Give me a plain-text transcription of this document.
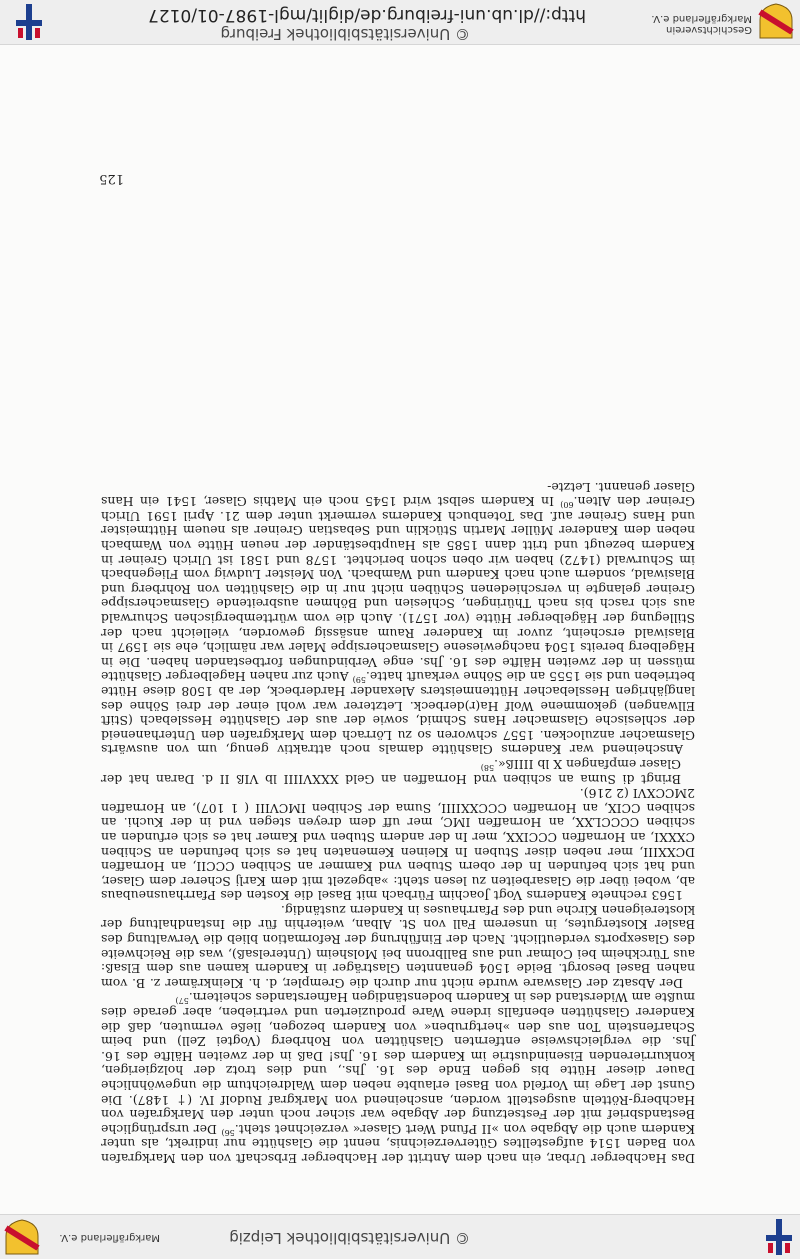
© Universitätsbibliothek Leipzig
Markgräflerland e.V.

Das Hachberger Urbar, ein nach dem Antritt der Hachberger Erbschaft von den Markgrafen von Baden 1514 aufgestelltes Güterverzeichnis, nennt die Glashütte nur indirekt, als unter Kandern auch die Abgabe von »II Pfund Wert Glaser« verzeichnet steht.$^{56)}$ Der ursprüngliche Bestandsbrief mit der Festsetzung der Abgabe war sicher noch unter den Markgrafen von Hachberg-Rötteln ausgestellt worden, anscheinend von Markgraf Rudolf IV. († 1487). Die Gunst der Lage im Vorfeld von Basel erlaubte neben dem Waldreichtum die ungewöhnliche Dauer dieser Hütte bis gegen Ende des 16. Jhs., und dies trotz der holzgierigen, konkurrierenden Eisenindustrie im Kandern des 16. Jhs! Daß in der zweiten Hälfte des 16. Jhs. die vergleichsweise entfernten Glashütten von Rohrberg (Vogtei Zell) und beim Scharfenstein Ton aus den »hertgruben« von Kandern bezogen, ließe vermuten, daß die Kanderer Glashütten ebenfalls irdene Ware produzierten und vertrieben, aber gerade dies mußte am Widerstand des in Kandern bodenständigen Hafnerstandes scheitern.$^{57)}$

Der Absatz der Glasware wurde nicht nur durch die Grempler, d. h. Kleinkrämer z. B. vom nahen Basel besorgt. Beide 1504 genannten Glasträger in Kandern kamen aus dem Elsaß: aus Türckheim bei Colmar und aus Ballbronn bei Molsheim (Unterelsaß), was die Reichweite des Glasexports verdeutlicht. Nach der Einführung der Reformation blieb die Verwaltung des Basler Klostergutes, in unserem Fall von St. Alban, weiterhin für die Instandhaltung der klostereigenen Kirche und des Pfarrhauses in Kandern zuständig.

1563 rechnete Kanderns Vogt Joachim Fürbach mit Basel die Kosten des Pfarrhausneubaus ab, wobei über die Glasarbeiten zu lesen steht: »abgezelt mit dem Karlj Scherer dem Glaser, und hat sich befunden In der obern Stuben vnd Kammer an Schiben CCCII, an Hornaffen DCXXIII, mer neben diser Stuben In Kleinen Kemenaten hat es sich befunden an Schiben CXXXI, an Hornaffen CCCIXX, mer In der andern Stuben vnd Kamer hat es sich erfunden an schiben CCCCLXX, an Hornaffen IMC, mer uff dem dreyen stegen vnd in der Kuchi. an schiben CCIX, an Hornaffen CCCXXIIII, Suma der Schiben IMCVIII ( 1 107), an Hornaffen 2MCCXVI (2 216).

Bringt di Suma an schiben vnd Hornaffen an Geld XXXVIIII lb VIß II d. Daran hat der Glaser empfangen X lb IIIIß«.$^{58)}$

Anscheinend war Kanderns Glashütte damals noch attraktiv genug, um von auswärts Glasmacher anzulocken. 1557 schworen so zu Lörrach dem Markgrafen den Unterhaneneid der schlesische Glasmacher Hans Schmid, sowie der aus der Glashütte Hesslebach (Stift Ellwangen) gekommene Wolf Ha(r)derbeck. Letzterer war wohl einer der drei Söhne des langjährigen Hesslebacher Hüttenmeisters Alexander Harderbeck, der ab 1508 diese Hütte betrieben und sie 1555 an die Söhne verkauft hatte.$^{59)}$ Auch zur nahen Hagelberger Glashütte müssen in der zweiten Hälfte des 16. Jhs. enge Verbindungen fortbestanden haben. Die in Hägelberg bereits 1504 nachgewiesene Glasmachersippe Maler war nämlich, ehe sie 1597 in Blasiwald erscheint, zuvor im Kanderer Raum ansässig geworden, vielleicht nach der Stillegung der Hägelberger Hütte (vor 1571). Auch die vom württembergischen Schurwald aus sich rasch bis nach Thüringen, Schlesien und Böhmen ausbreitende Glasmachersippe Greiner gelangte in verschiedenen Schüben nicht nur in die Glashütten von Rohrberg und Blasiwald, sondern auch nach Kandern und Wambach. Von Meister Ludwig vom Fliegenbach im Schurwald (1472) haben wir oben schon berichtet. 1578 und 1581 ist Ulrich Greiner in Kandern bezeugt und tritt dann 1585 als Hauptbeständer der neuen Hütte von Wambach neben dem Kanderer Müller Martin Stücklin und Sebastian Greiner als neuem Hüttmeister und Hans Greiner auf. Das Totenbuch Kanderns vermerkt unter dem 21. April 1591 Ulrich Greiner den Alten.$^{60)}$ In Kandern selbst wird 1545 noch ein Mathis Glaser, 1541 ein Hans Glaser genannt. Letzte-

125
Geschichtsverein
Markgräflerland e.V.
© Universitätsbibliothek Freiburg
http://dl.ub.uni-freiburg.de/diglit/mgl-1987-01/0127
